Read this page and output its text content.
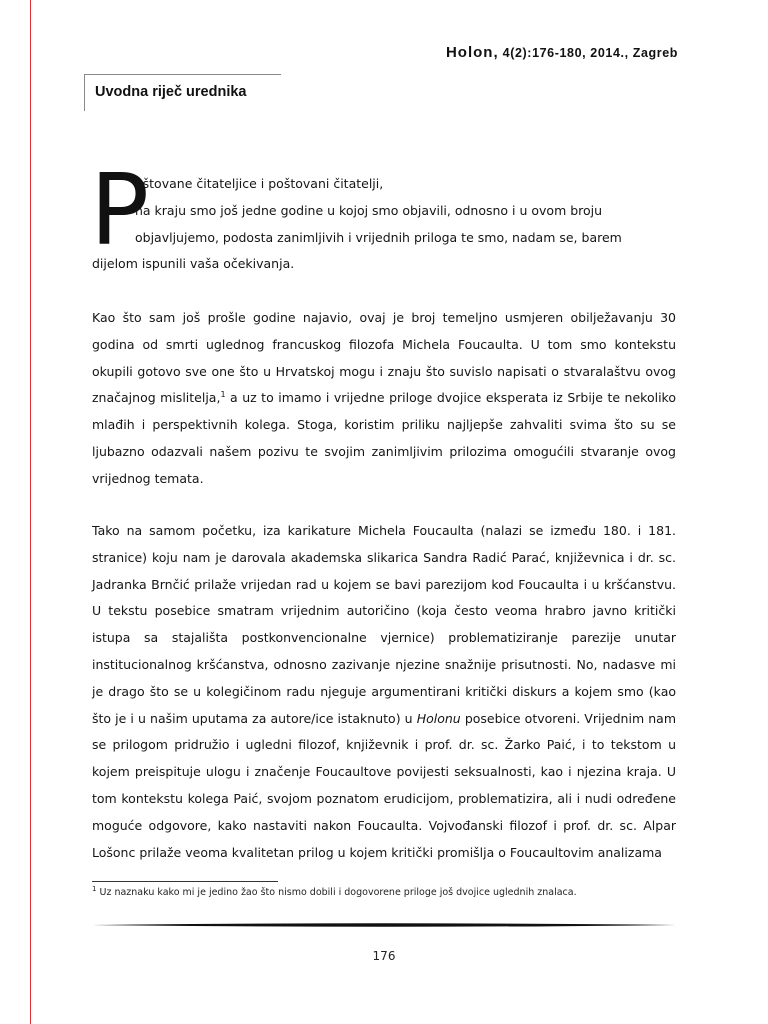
Holon, 4(2):176-180, 2014., Zagreb
Uvodna riječ urednika
P
oštovane čitateljice i poštovani čitatelji,
na kraju smo još jedne godine u kojoj smo objavili, odnosno i u ovom broju
objavljujemo, podosta zanimljivih i vrijednih priloga te smo, nadam se, barem
dijelom ispunili vaša očekivanja.
Kao što sam još prošle godine najavio, ovaj je broj temeljno usmjeren obilježavanju 30 godina od smrti uglednog francuskog filozofa Michela Foucaulta. U tom smo kontekstu okupili gotovo sve one što u Hrvatskoj mogu i znaju što suvislo napisati o stvaralaštvu ovog značajnog mislitelja,$^1$ a uz to imamo i vrijedne priloge dvojice eksperata iz Srbije te nekoliko mlađih i perspektivnih kolega. Stoga, koristim priliku najljepše zahvaliti svima što su se ljubazno odazvali našem pozivu te svojim zanimljivim prilozima omogućili stvaranje ovog vrijednog temata.
Tako na samom početku, iza karikature Michela Foucaulta (nalazi se između 180. i 181. stranice) koju nam je darovala akademska slikarica Sandra Radić Parać, književnica i dr. sc. Jadranka Brnčić prilaže vrijedan rad u kojem se bavi parezijom kod Foucaulta i u kršćanstvu. U tekstu posebice smatram vrijednim autoričino (koja često veoma hrabro javno kritički istupa sa stajališta postkonvencionalne vjernice) problematiziranje parezije unutar institucionalnog kršćanstva, odnosno zazivanje njezine snažnije prisutnosti. No, nadasve mi je drago što se u kolegičinom radu njeguje argumentirani kritički diskurs a kojem smo (kao što je i u našim uputama za autore/ice istaknuto) u Holonu posebice otvoreni. Vrijednim nam se prilogom pridružio i ugledni filozof, književnik i prof. dr. sc. Žarko Paić, i to tekstom u kojem preispituje ulogu i značenje Foucaultove povijesti seksualnosti, kao i njezina kraja. U tom kontekstu kolega Paić, svojom poznatom erudicijom, problematizira, ali i nudi određene moguće odgovore, kako nastaviti nakon Foucaulta. Vojvođanski filozof i prof. dr. sc. Alpar Lošonc prilaže veoma kvalitetan prilog u kojem kritički promišlja o Foucaultovim analizama
$^1$ Uz naznaku kako mi je jedino žao što nismo dobili i dogovorene priloge još dvojice uglednih znalaca.
176
